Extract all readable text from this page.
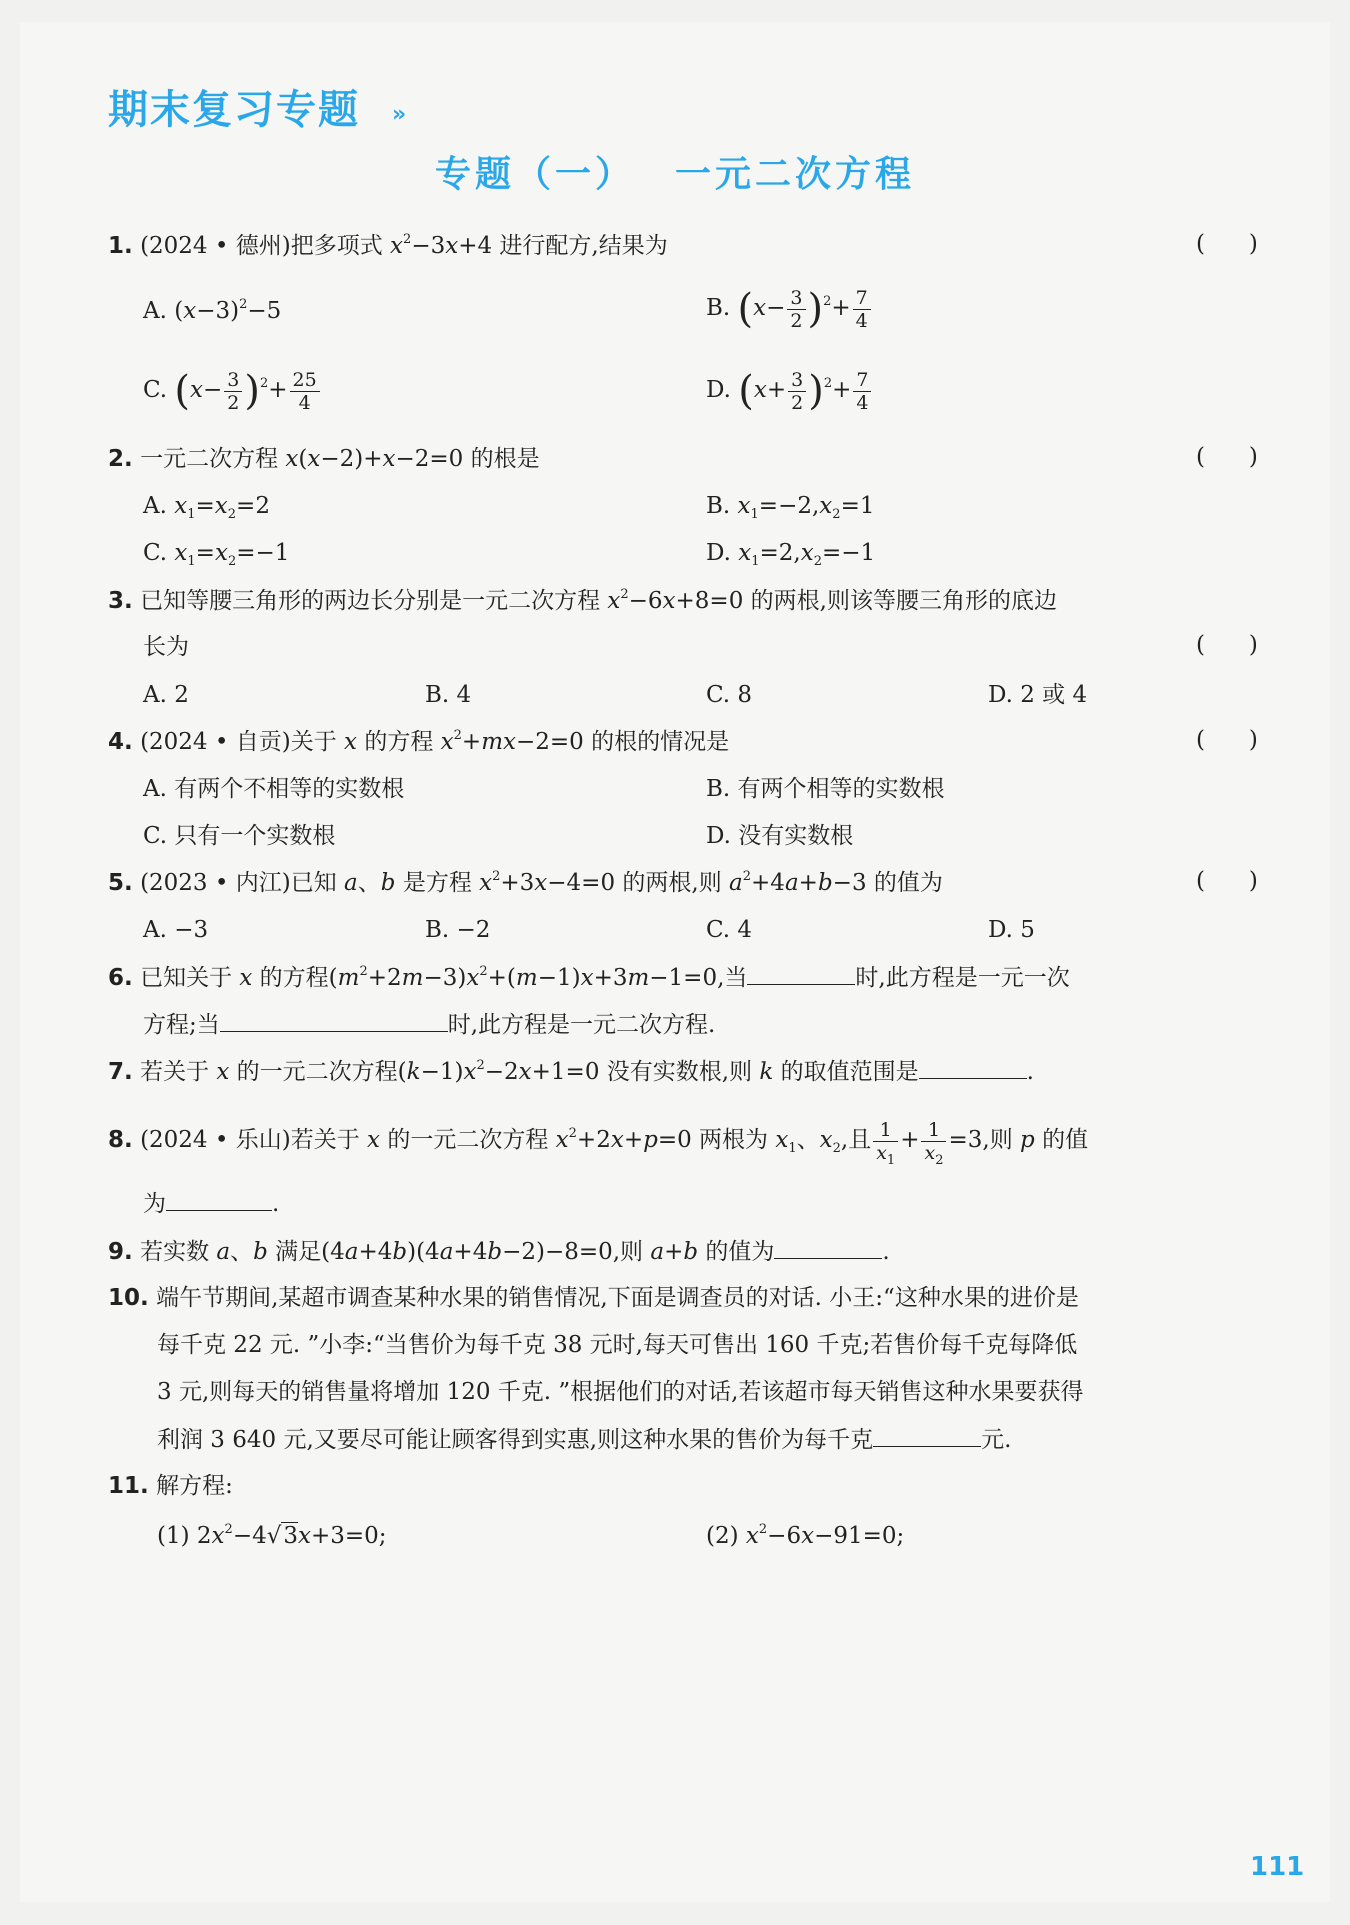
期末复习专题 »
专题（一） 一元二次方程
1. (2024 • 德州)把多项式 $x^2-3x+4$ 进行配方,结果为	(      )
A. $(x-3)^2-5$	B. $(x- \frac{3}{2} )^2+ \frac{7}{4}$
C. $(x- \frac{3}{2} )^2+ \frac{25}{4}$	D. $(x+ \frac{3}{2} )^2+ \frac{7}{4}$
2. 一元二次方程 x(x−2)+x−2=0 的根是	(      )
A. $x_1=x_2=2$	B. $x_1=-2,x_2=1$
C. $x_1=x_2=-1$	D. $x_1=2,x_2=-1$
3. 已知等腰三角形的两边长分别是一元二次方程 $x^2-6x+8=0$ 的两根,则该等腰三角形的底边
长为	(      )
A. 2	B. 4	C. 8	D. 2 或 4
4. (2024 • 自贡)关于 x 的方程 $x^2+mx-2=0$ 的根的情况是	(      )
A. 有两个不相等的实数根	B. 有两个相等的实数根
C. 只有一个实数根	D. 没有实数根
5. (2023 • 内江)已知 a、b 是方程 $x^2+3x-4=0$ 的两根,则 $a^2+4a+b-3$ 的值为	(      )
A. −3	B. −2	C. 4	D. 5
6. 已知关于 x 的方程$(m^2+2m-3)x^2+(m-1)x+3m-1=0$,当	时,此方程是一元一次
方程;当	时,此方程是一元二次方程.
7. 若关于 x 的一元二次方程$(k-1)x^2-2x+1=0$ 没有实数根,则 k 的取值范围是	.
8. (2024 • 乐山)若关于 x 的一元二次方程 $x^2+2x+p=0$ 两根为 $x_1$、$x_2$,且 $\frac{1}{x_1} + \frac{1}{x_2} =3$,则 p 的值
为	.
9. 若实数 a、b 满足(4a+4b)(4a+4b−2)−8=0,则 a+b 的值为	.
10. 端午节期间,某超市调查某种水果的销售情况,下面是调查员的对话. 小王:“这种水果的进价是
每千克 22 元. ”小李:“当售价为每千克 38 元时,每天可售出 160 千克;若售价每千克每降低
3 元,则每天的销售量将增加 120 千克. ”根据他们的对话,若该超市每天销售这种水果要获得
利润 3 640 元,又要尽可能让顾客得到实惠,则这种水果的售价为每千克	元.
11. 解方程:
(1) $2x^2-4√3x+3=0$;	(2) $x^2-6x-91=0$;
111
